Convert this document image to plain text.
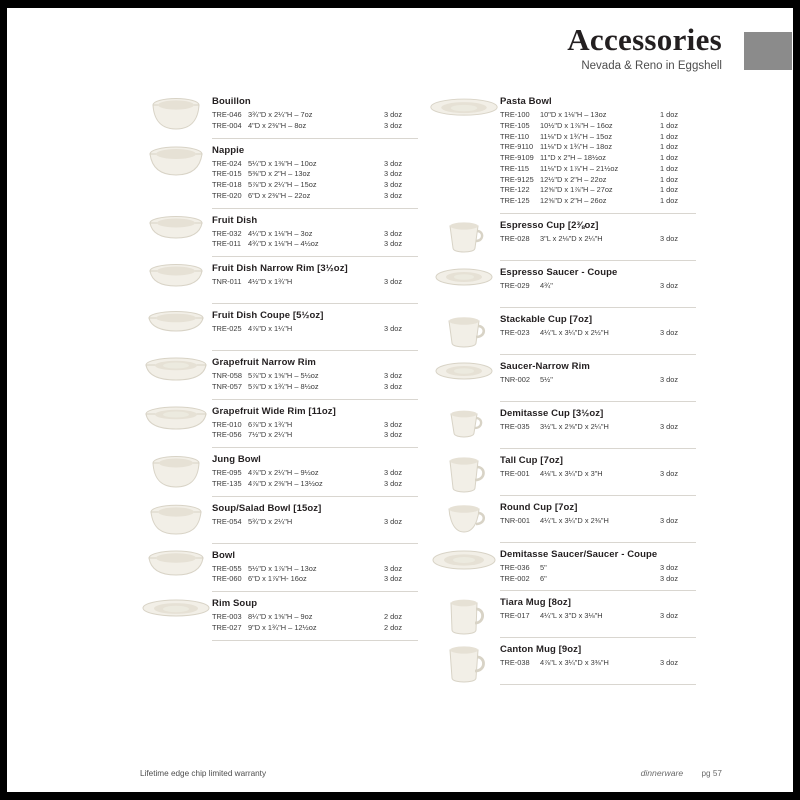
Accessories
Nevada & Reno in Eggshell
Bouillon
TRE-046	3¾"D x 2¼"H – 7oz	3 doz
TRE-004	4"D x 2⅜"H – 8oz	3 doz
Nappie
TRE-024	5¼"D x 1⅜"H – 10oz	3 doz
TRE-015	5⅜"D x 2"H – 13oz	3 doz
TRE-018	5⅞"D x 2¼"H – 15oz	3 doz
TRE-020	6"D x 2⅜"H – 22oz	3 doz
Fruit Dish
TRE-032	4¼"D x 1⅛"H – 3oz	3 doz
TRE-011	4¾"D x 1⅛"H – 4½oz	3 doz
Fruit Dish Narrow Rim [3½oz]
TNR-011	4½"D x 1¾"H	3 doz
Fruit Dish Coupe [5½oz]
TRE-025	4⅞"D x 1¼"H	3 doz
Grapefruit Narrow Rim
TNR-058	5⅞"D x 1⅝"H – 5½oz	3 doz
TNR-057	5⅞"D x 1¾"H – 8½oz	3 doz
Grapefruit Wide Rim [11oz]
TRE-010	6⅞"D x 1¾"H	3 doz
TRE-056	7½"D x 2¼"H	3 doz
Jung Bowl
TRE-095	4⅞"D x 2¼"H – 9½oz	3 doz
TRE-135	4⅞"D x 2⅜"H – 13½oz	3 doz
Soup/Salad Bowl [15oz]
TRE-054	5¾"D x 2¼"H	3 doz
Bowl
TRE-055	5½"D x 1⅞"H – 13oz	3 doz
TRE-060	6"D x 1⅞"H- 16oz	3 doz
Rim Soup
TRE-003	8¼"D x 1⅝"H – 9oz	2 doz
TRE-027	9"D x 1¾"H – 12½oz	2 doz
Pasta Bowl
TRE-100	10"D x 1⅛"H – 13oz	1 doz
TRE-105	10½"D x 1⅞"H – 16oz	1 doz
TRE-110	11⅛"D x 1¾"H – 15oz	1 doz
TRE-9110	11⅛"D x 1¾"H – 18oz	1 doz
TRE-9109	11"D x 2"H – 18½oz	1 doz
TRE-115	11⅛"D x 1⅞"H – 21½oz	1 doz
TRE-9125	12½"D x 2"H – 22oz	1 doz
TRE-122	12⅝"D x 1⅞"H – 27oz	1 doz
TRE-125	12⅝"D x 2"H – 26oz	1 doz
Espresso Cup [2⅜oz]
TRE-028	3"L x 2⅛"D x 2¼"H	3 doz
Espresso Saucer - Coupe
TRE-029	4¾"	3 doz
Stackable Cup [7oz]
TRE-023	4¼"L x 3¼"D x 2½"H	3 doz
Saucer-Narrow Rim
TNR-002	5½"	3 doz
Demitasse Cup [3½oz]
TRE-035	3½"L x 2⅝"D x 2¼"H	3 doz
Tall Cup [7oz]
TRE-001	4⅛"L x 3¼"D x 3"H	3 doz
Round Cup [7oz]
TNR-001	4¼"L x 3¼"D x 2⅜"H	3 doz
Demitasse Saucer/Saucer - Coupe
TRE-036	5"	3 doz
TRE-002	6"	3 doz
Tiara Mug [8oz]
TRE-017	4¼"L x 3"D x 3⅛"H	3 doz
Canton Mug [9oz]
TRE-038	4⅞"L x 3¼"D x 3⅜"H	3 doz
Lifetime edge chip limited warranty	dinnerware pg 57
